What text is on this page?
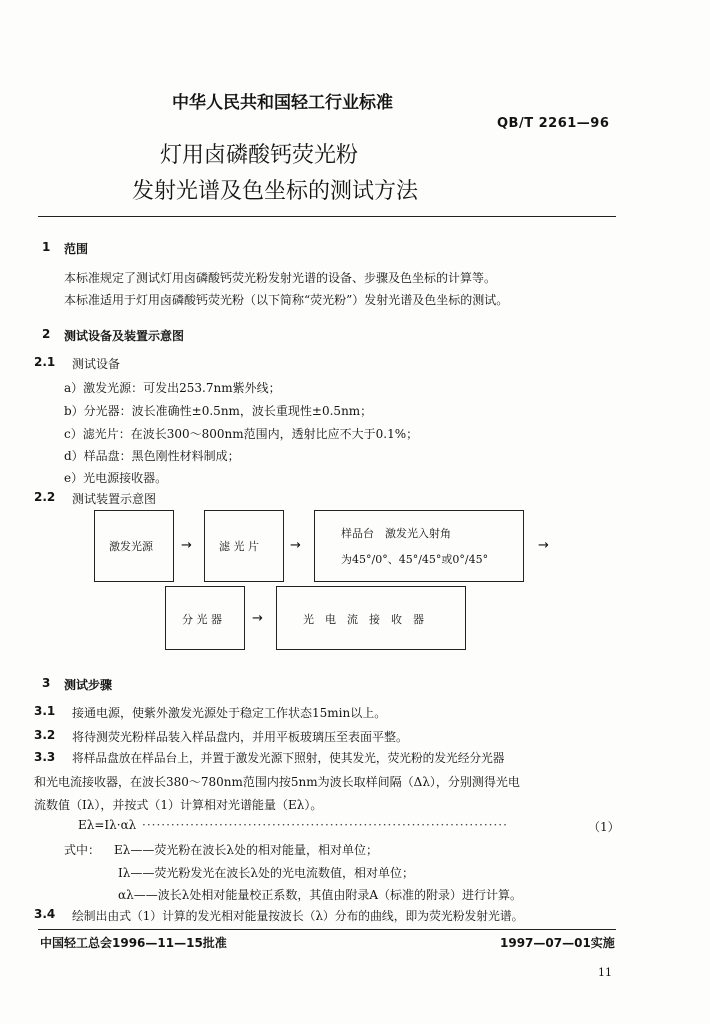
中华人民共和国轻工行业标准
QB/T 2261—96
灯用卤磷酸钙荧光粉
发射光谱及色坐标的测试方法
1 范围
本标准规定了测试灯用卤磷酸钙荧光粉发射光谱的设备、步骤及色坐标的计算等。
本标准适用于灯用卤磷酸钙荧光粉（以下简称“荧光粉”）发射光谱及色坐标的测试。
2 测试设备及装置示意图
2.1 测试设备
a）激发光源：可发出253.7nm紫外线；
b）分光器：波长准确性±0.5nm，波长重现性±0.5nm；
c）滤光片：在波长300～800nm范围内，透射比应不大于0.1%；
d）样品盘：黑色刚性材料制成；
e）光电源接收器。
2.2 测试装置示意图
激发光源 → 滤 光 片 →
样品台　激发光入射角
为45°/0°、45°/45°或0°/45°
→
分 光 器 →	光　电　流　接　收　器
3 测试步骤
3.1 接通电源，使紫外激发光源处于稳定工作状态15min以上。
3.2 将待测荧光粉样品装入样品盘内，并用平板玻璃压至表面平整。
3.3 将样品盘放在样品台上，并置于激发光源下照射，使其发光，荧光粉的发光经分光器
和光电流接收器，在波长380～780nm范围内按5nm为波长取样间隔（Δλ），分别测得光电
流数值（Iλ），并按式（1）计算相对光谱能量（Eλ）。
Eλ=Iλ·αλ ············································································	（1）
式中： Eλ——荧光粉在波长λ处的相对能量，相对单位；
Iλ——荧光粉发光在波长λ处的光电流数值，相对单位；
αλ——波长λ处相对能量校正系数，其值由附录A（标准的附录）进行计算。
3.4 绘制出由式（1）计算的发光相对能量按波长（λ）分布的曲线，即为荧光粉发射光谱。
中国轻工总会1996—11—15批准	1997—07—01实施
11
